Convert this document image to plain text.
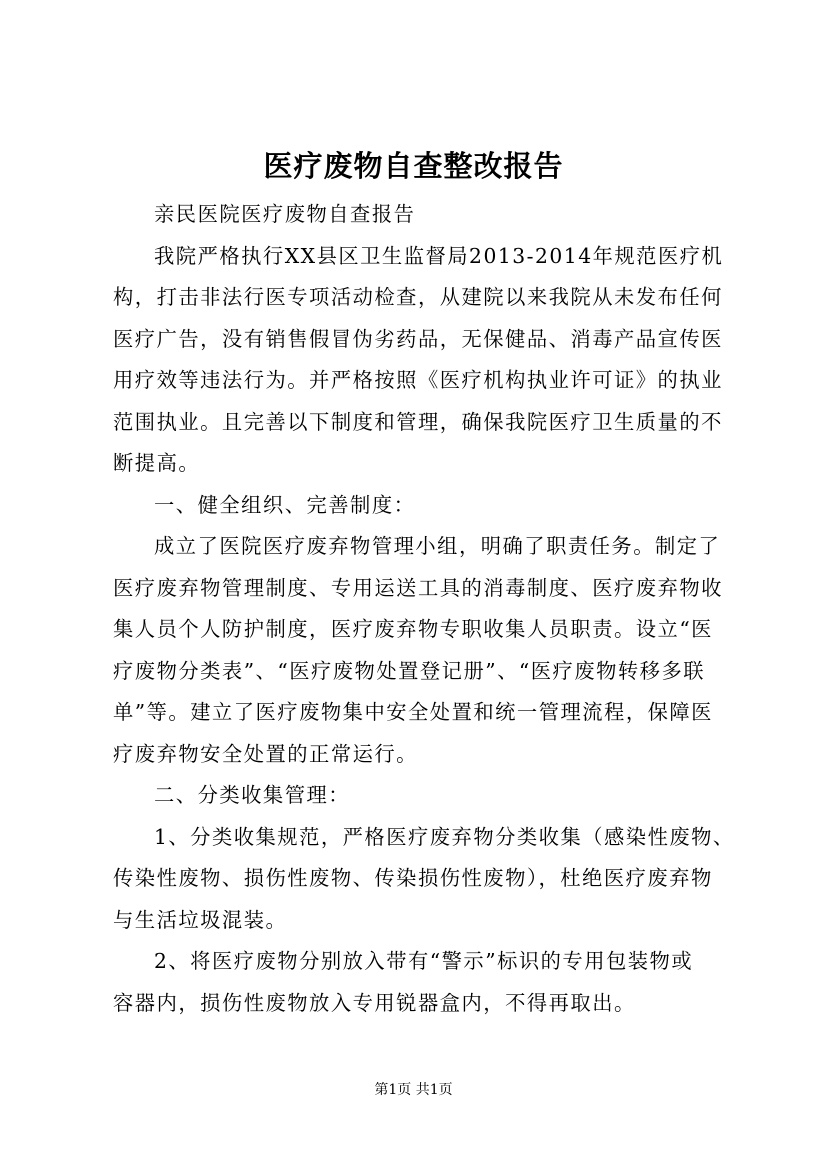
医疗废物自查整改报告

亲民医院医疗废物自查报告

我院严格执行XX县区卫生监督局2013-2014年规范医疗机
构，打击非法行医专项活动检查，从建院以来我院从未发布任何
医疗广告，没有销售假冒伪劣药品，无保健品、消毒产品宣传医
用疗效等违法行为。并严格按照《医疗机构执业许可证》的执业
范围执业。且完善以下制度和管理，确保我院医疗卫生质量的不
断提高。

一、健全组织、完善制度：

成立了医院医疗废弃物管理小组，明确了职责任务。制定了
医疗废弃物管理制度、专用运送工具的消毒制度、医疗废弃物收
集人员个人防护制度，医疗废弃物专职收集人员职责。设立“医
疗废物分类表”、“医疗废物处置登记册”、“医疗废物转移多联
单”等。建立了医疗废物集中安全处置和统一管理流程，保障医
疗废弃物安全处置的正常运行。

二、分类收集管理：

1、分类收集规范，严格医疗废弃物分类收集（感染性废物、
传染性废物、损伤性废物、传染损伤性废物），杜绝医疗废弃物
与生活垃圾混装。

2、将医疗废物分别放入带有“警示”标识的专用包装物或
容器内，损伤性废物放入专用锐器盒内，不得再取出。

第1页 共1页
